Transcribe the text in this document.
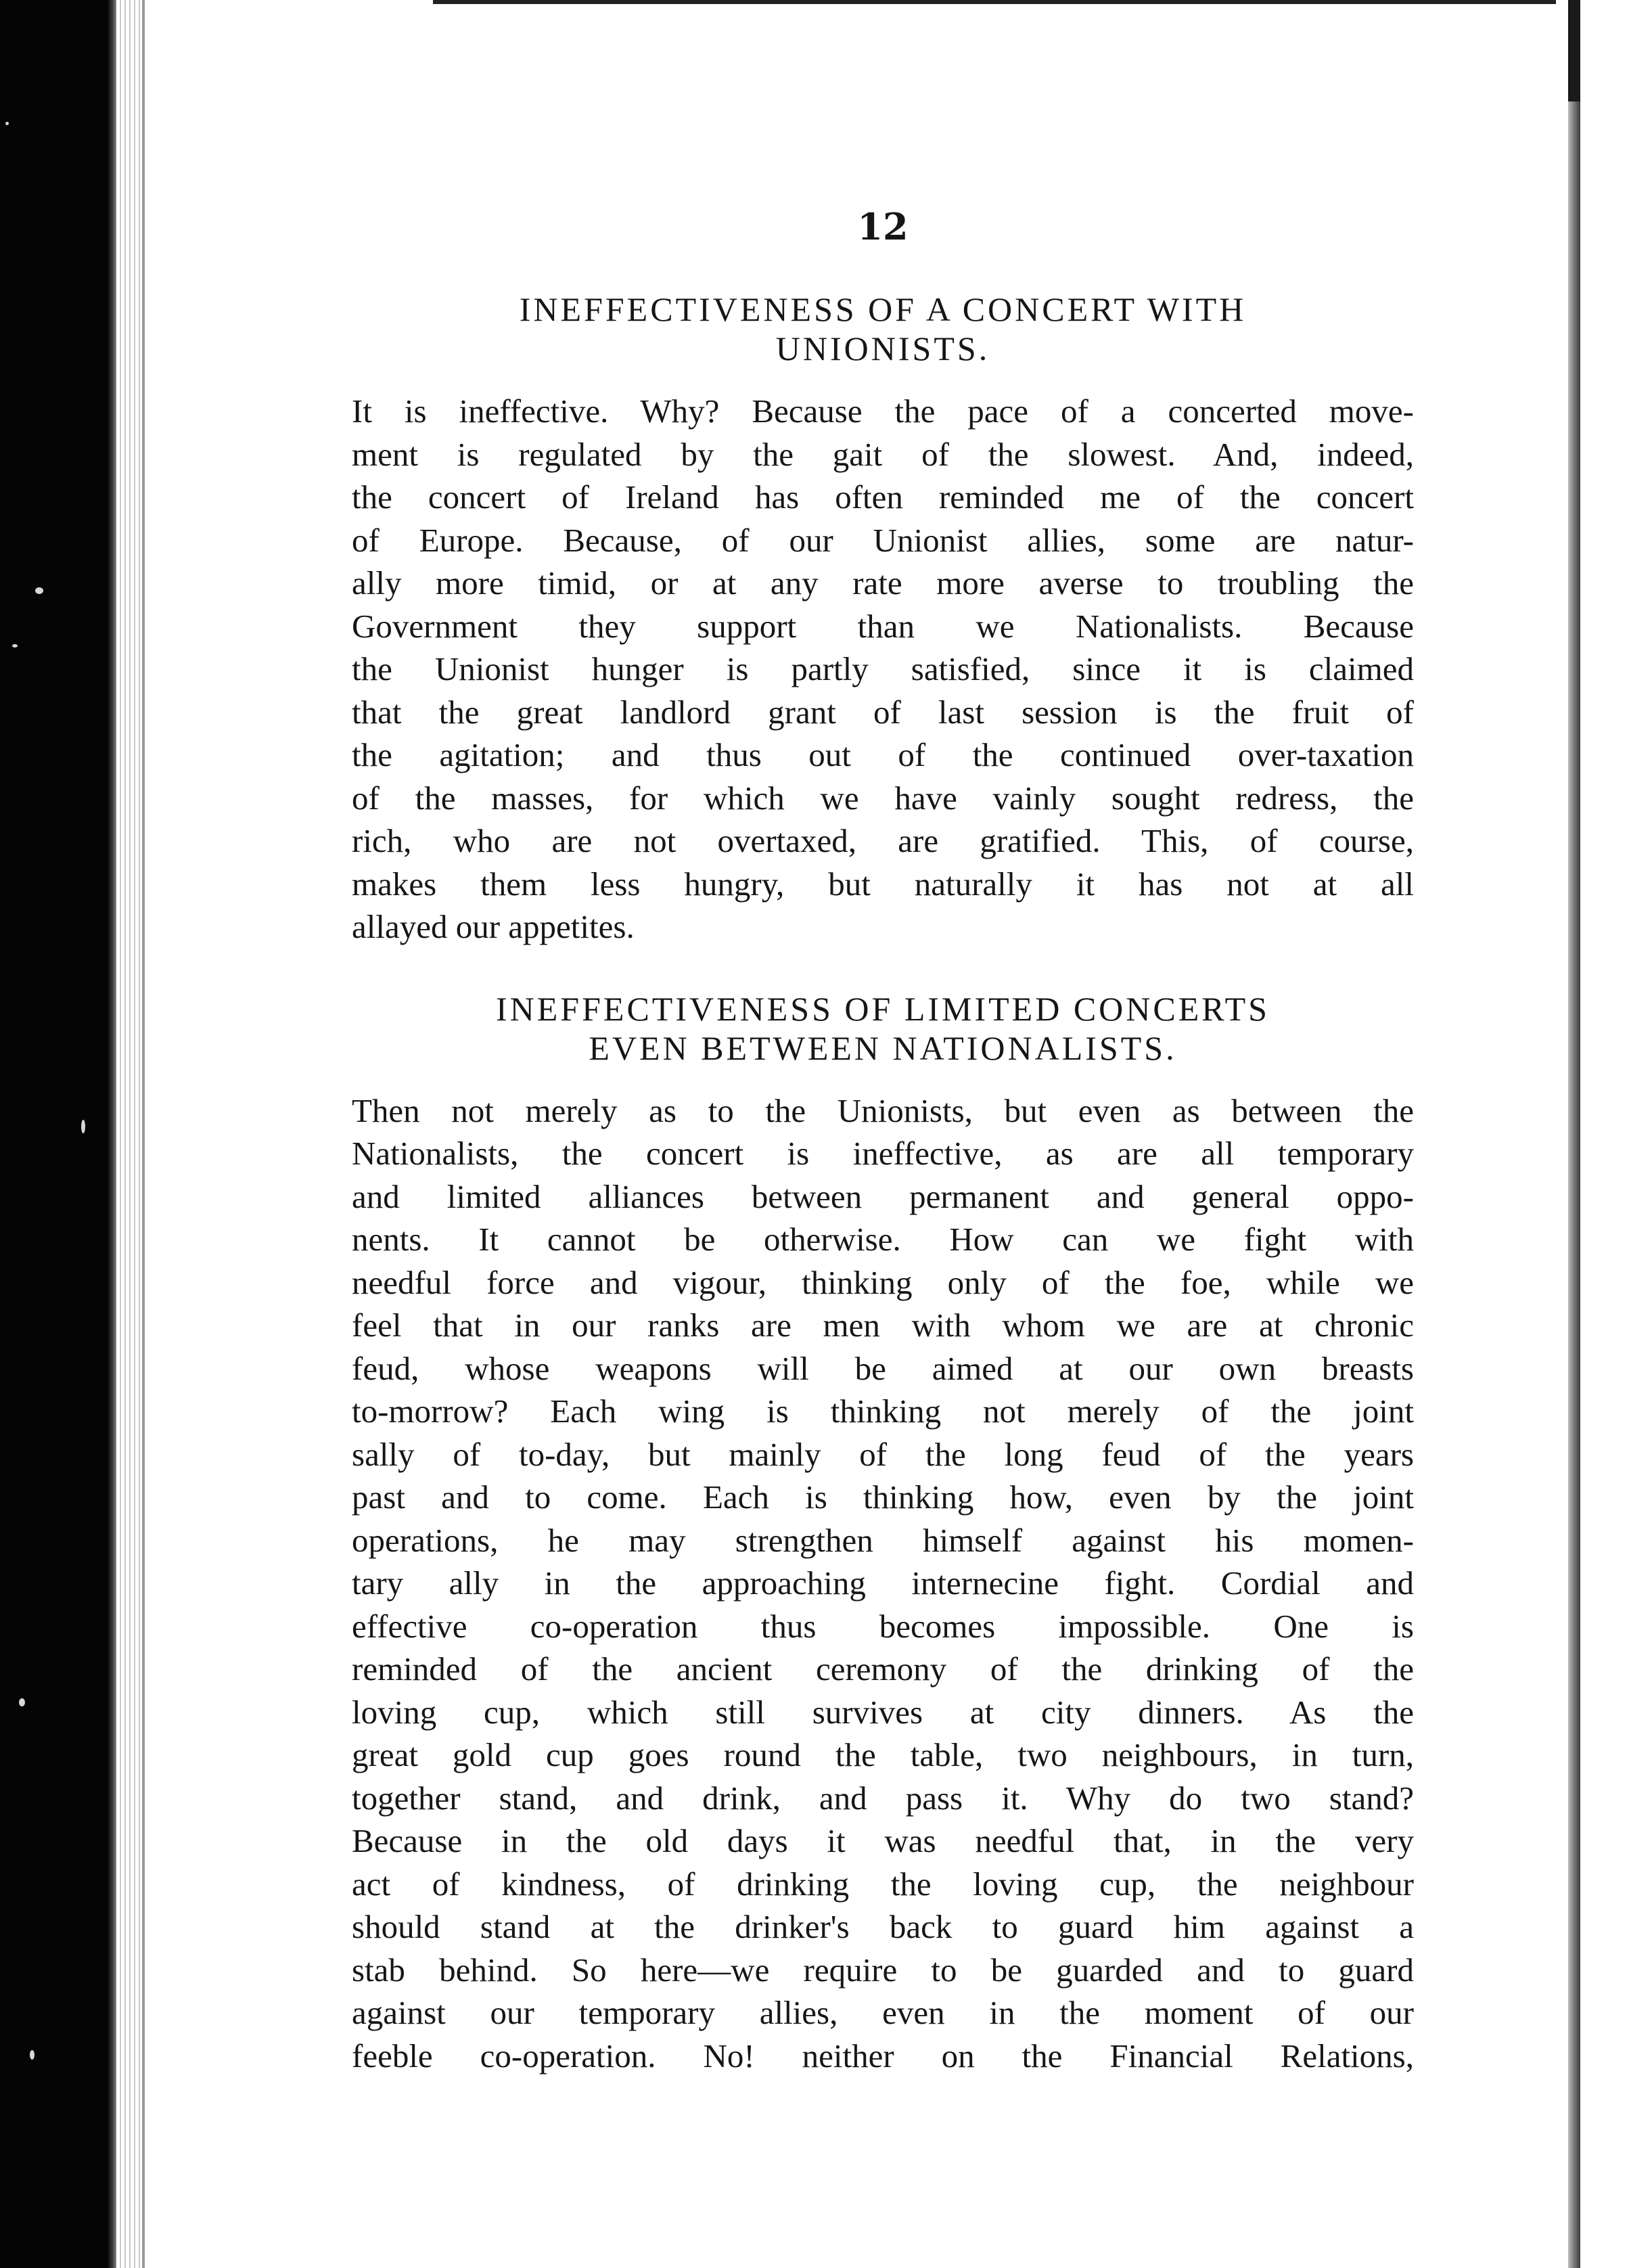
12
INEFFECTIVENESS OF A CONCERT WITH
UNIONISTS.
It is ineffective. Why? Because the pace of a concerted move-
ment is regulated by the gait of the slowest. And, indeed,
the concert of Ireland has often reminded me of the concert
of Europe. Because, of our Unionist allies, some are natur-
ally more timid, or at any rate more averse to troubling the
Government they support than we Nationalists. Because
the Unionist hunger is partly satisfied, since it is claimed
that the great landlord grant of last session is the fruit of
the agitation; and thus out of the continued over-taxation
of the masses, for which we have vainly sought redress, the
rich, who are not overtaxed, are gratified. This, of course,
makes them less hungry, but naturally it has not at all
allayed our appetites.
INEFFECTIVENESS OF LIMITED CONCERTS
EVEN BETWEEN NATIONALISTS.
Then not merely as to the Unionists, but even as between the
Nationalists, the concert is ineffective, as are all temporary
and limited alliances between permanent and general oppo-
nents. It cannot be otherwise. How can we fight with
needful force and vigour, thinking only of the foe, while we
feel that in our ranks are men with whom we are at chronic
feud, whose weapons will be aimed at our own breasts
to-morrow? Each wing is thinking not merely of the joint
sally of to-day, but mainly of the long feud of the years
past and to come. Each is thinking how, even by the joint
operations, he may strengthen himself against his momen-
tary ally in the approaching internecine fight. Cordial and
effective co-operation thus becomes impossible. One is
reminded of the ancient ceremony of the drinking of the
loving cup, which still survives at city dinners. As the
great gold cup goes round the table, two neighbours, in turn,
together stand, and drink, and pass it. Why do two stand?
Because in the old days it was needful that, in the very
act of kindness, of drinking the loving cup, the neighbour
should stand at the drinker's back to guard him against a
stab behind. So here—we require to be guarded and to guard
against our temporary allies, even in the moment of our
feeble co-operation. No! neither on the Financial Relations,
